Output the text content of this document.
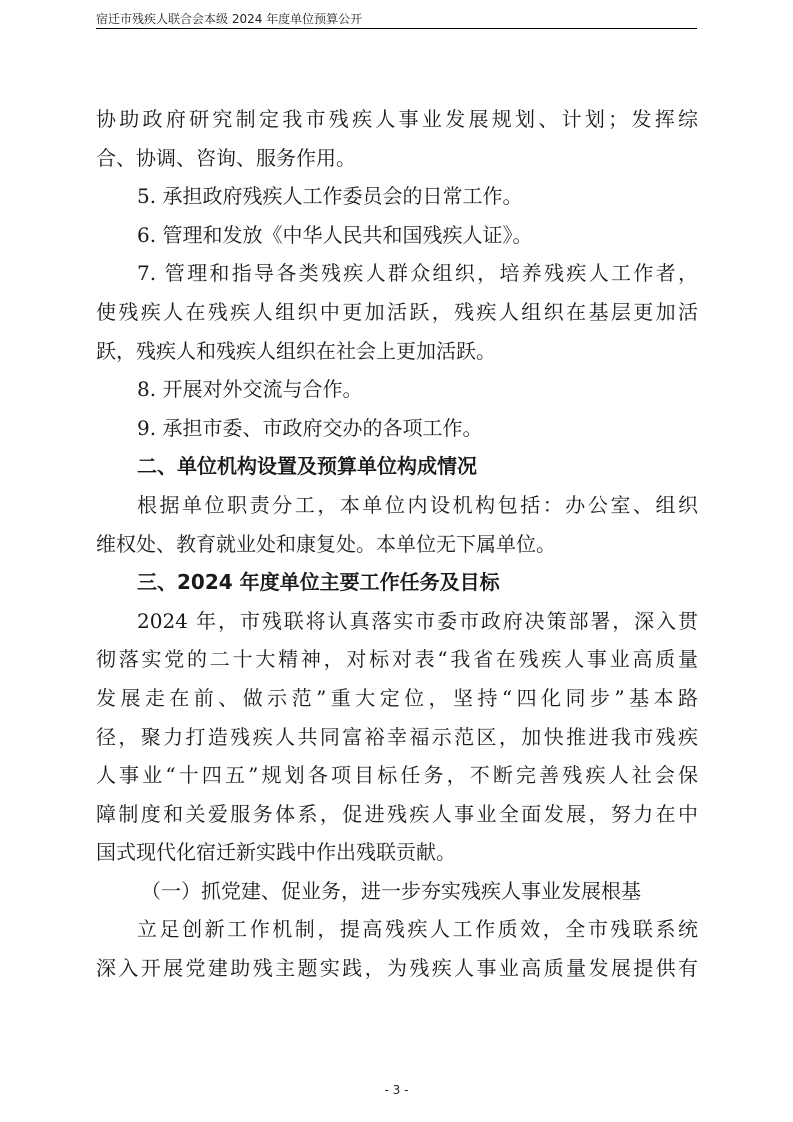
宿迁市残疾人联合会本级 2024 年度单位预算公开

协助政府研究制定我市残疾人事业发展规划、计划；发挥综

合、协调、咨询、服务作用。

5. 承担政府残疾人工作委员会的日常工作。

6. 管理和发放《中华人民共和国残疾人证》。

7. 管理和指导各类残疾人群众组织，培养残疾人工作者，

使残疾人在残疾人组织中更加活跃，残疾人组织在基层更加活

跃，残疾人和残疾人组织在社会上更加活跃。

8. 开展对外交流与合作。

9. 承担市委、市政府交办的各项工作。

二、单位机构设置及预算单位构成情况

根据单位职责分工，本单位内设机构包括：办公室、组织

维权处、教育就业处和康复处。本单位无下属单位。

三、2024 年度单位主要工作任务及目标

2024 年，市残联将认真落实市委市政府决策部署，深入贯

彻落实党的二十大精神，对标对表“我省在残疾人事业高质量

发展走在前、做示范”重大定位，坚持“四化同步”基本路

径，聚力打造残疾人共同富裕幸福示范区，加快推进我市残疾

人事业“十四五”规划各项目标任务，不断完善残疾人社会保

障制度和关爱服务体系，促进残疾人事业全面发展，努力在中

国式现代化宿迁新实践中作出残联贡献。

（一）抓党建、促业务，进一步夯实残疾人事业发展根基

立足创新工作机制，提高残疾人工作质效，全市残联系统

深入开展党建助残主题实践，为残疾人事业高质量发展提供有

- 3 -
